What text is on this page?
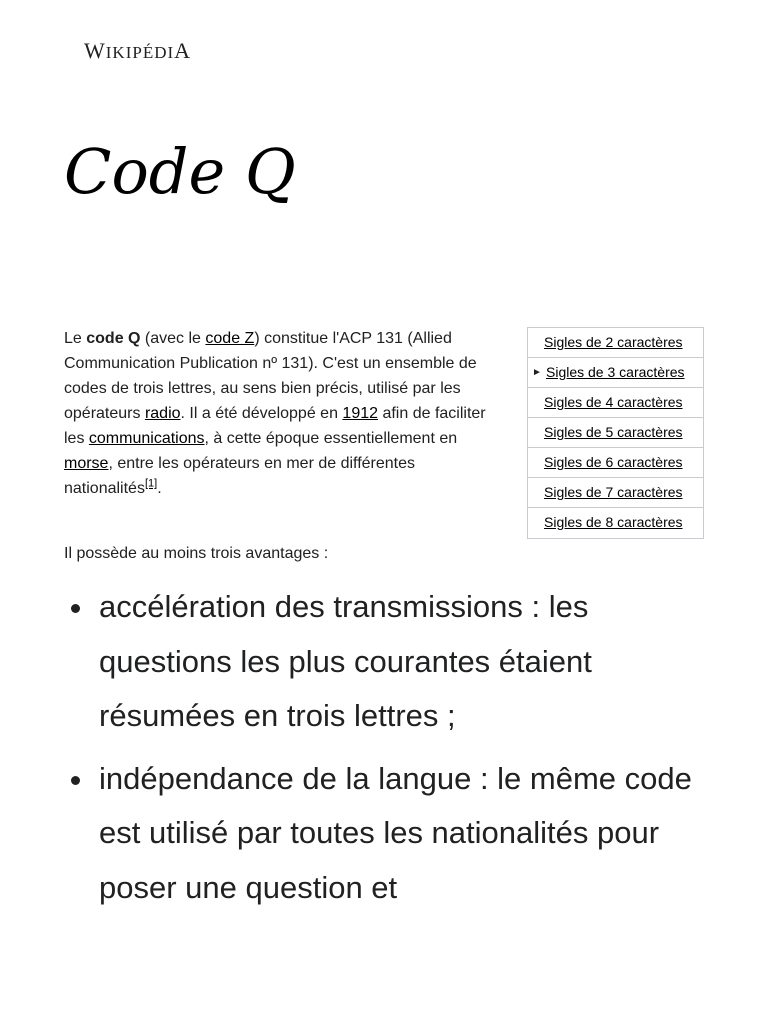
WIKIPÉDIA
Code Q

Le code Q (avec le code Z) constitue l'ACP 131 (Allied Communication Publication nº 131). C'est un ensemble de codes de trois lettres, au sens bien précis, utilisé par les opérateurs radio. Il a été développé en 1912 afin de faciliter les communications, à cette époque essentiellement en morse, entre les opérateurs en mer de différentes nationalités[1].

Sigles de 2 caractères
► Sigles de 3 caractères
Sigles de 4 caractères
Sigles de 5 caractères
Sigles de 6 caractères
Sigles de 7 caractères
Sigles de 8 caractères

Il possède au moins trois avantages :

accélération des transmissions : les questions les plus courantes étaient résumées en trois lettres ;
indépendance de la langue : le même code est utilisé par toutes les nationalités pour poser une question et
